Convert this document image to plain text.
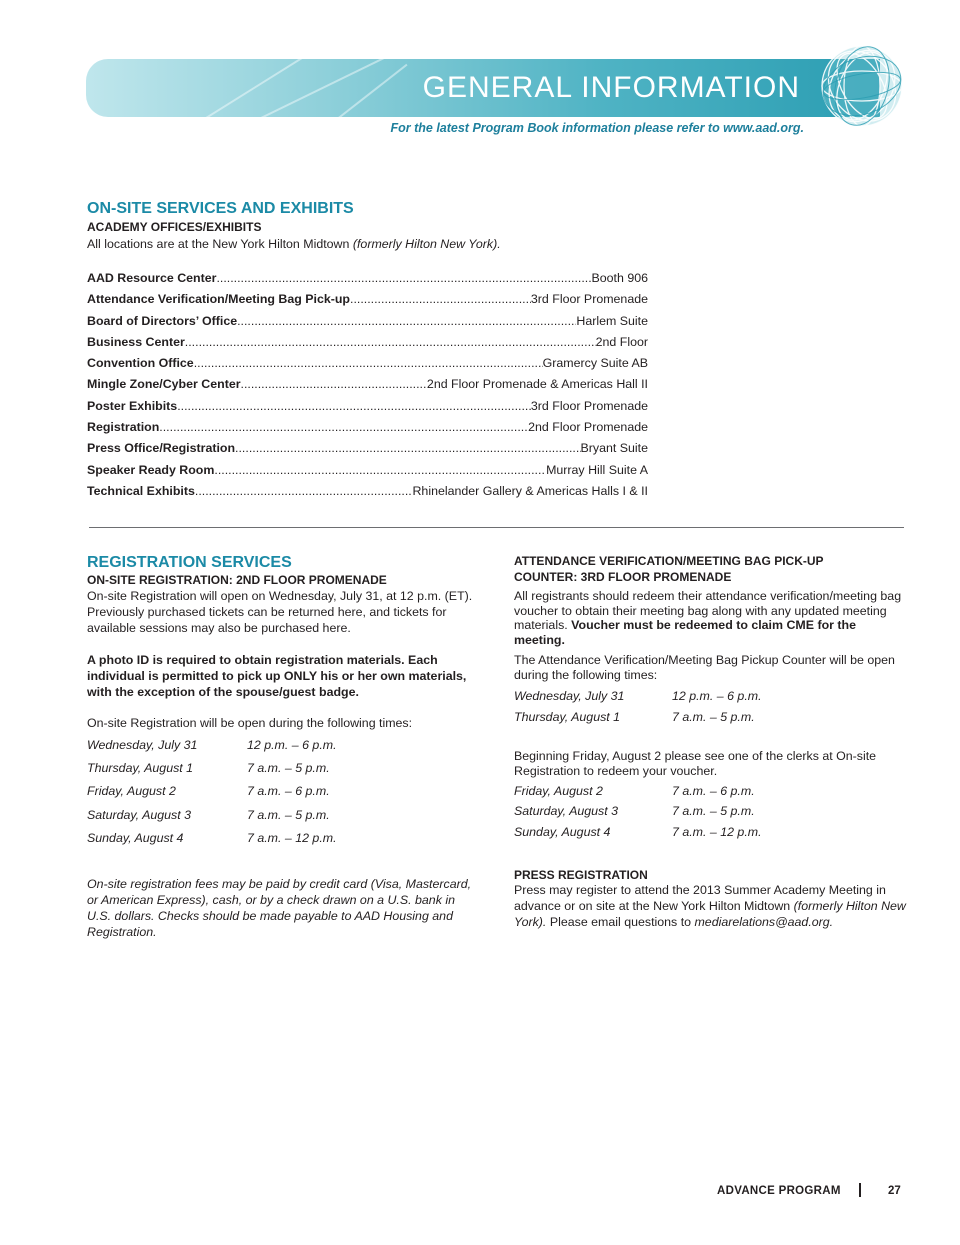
GENERAL INFORMATION
For the latest Program Book information please refer to www.aad.org.
ON-SITE SERVICES AND EXHIBITS
ACADEMY OFFICES/EXHIBITS
All locations are at the New York Hilton Midtown (formerly Hilton New York).
AAD Resource Center .....	Booth 906
Attendance Verification/Meeting Bag Pick-up .....	3rd Floor Promenade
Board of Directors’ Office .....	Harlem Suite
Business Center .....	2nd Floor
Convention Office .....	Gramercy Suite AB
Mingle Zone/Cyber Center .....	2nd Floor Promenade & Americas Hall II
Poster Exhibits .....	3rd Floor Promenade
Registration .....	2nd Floor Promenade
Press Office/Registration .....	Bryant Suite
Speaker Ready Room .....	Murray Hill Suite A
Technical Exhibits .....	Rhinelander Gallery & Americas Halls I & II
REGISTRATION SERVICES
ON-SITE REGISTRATION: 2ND FLOOR PROMENADE
On-site Registration will open on Wednesday, July 31, at 12 p.m. (ET). Previously purchased tickets can be returned here, and tickets for available sessions may also be purchased here.
A photo ID is required to obtain registration materials. Each individual is permitted to pick up ONLY his or her own materials, with the exception of the spouse/guest badge.
On-site Registration will be open during the following times:
Wednesday, July 31	12 p.m. – 6 p.m.
Thursday, August 1	7 a.m. – 5 p.m.
Friday, August 2	7 a.m. – 6 p.m.
Saturday, August 3	7 a.m. – 5 p.m.
Sunday, August 4	7 a.m. – 12 p.m.
On-site registration fees may be paid by credit card (Visa, Mastercard, or American Express), cash, or by a check drawn on a U.S. bank in U.S. dollars. Checks should be made payable to AAD Housing and Registration.
ATTENDANCE VERIFICATION/MEETING BAG PICK-UP
COUNTER: 3RD FLOOR PROMENADE
All registrants should redeem their attendance verification/meeting bag voucher to obtain their meeting bag along with any updated meeting materials. Voucher must be redeemed to claim CME for the meeting.
The Attendance Verification/Meeting Bag Pickup Counter will be open during the following times:
Wednesday, July 31	12 p.m. – 6 p.m.
Thursday, August 1	7 a.m. – 5 p.m.
Beginning Friday, August 2 please see one of the clerks at On-site Registration to redeem your voucher.
Friday, August 2	7 a.m. – 6 p.m.
Saturday, August 3	7 a.m. – 5 p.m.
Sunday, August 4	7 a.m. – 12 p.m.
PRESS REGISTRATION
Press may register to attend the 2013 Summer Academy Meeting in advance or on site at the New York Hilton Midtown (formerly Hilton New York). Please email questions to mediarelations@aad.org.
ADVANCE PROGRAM	27
